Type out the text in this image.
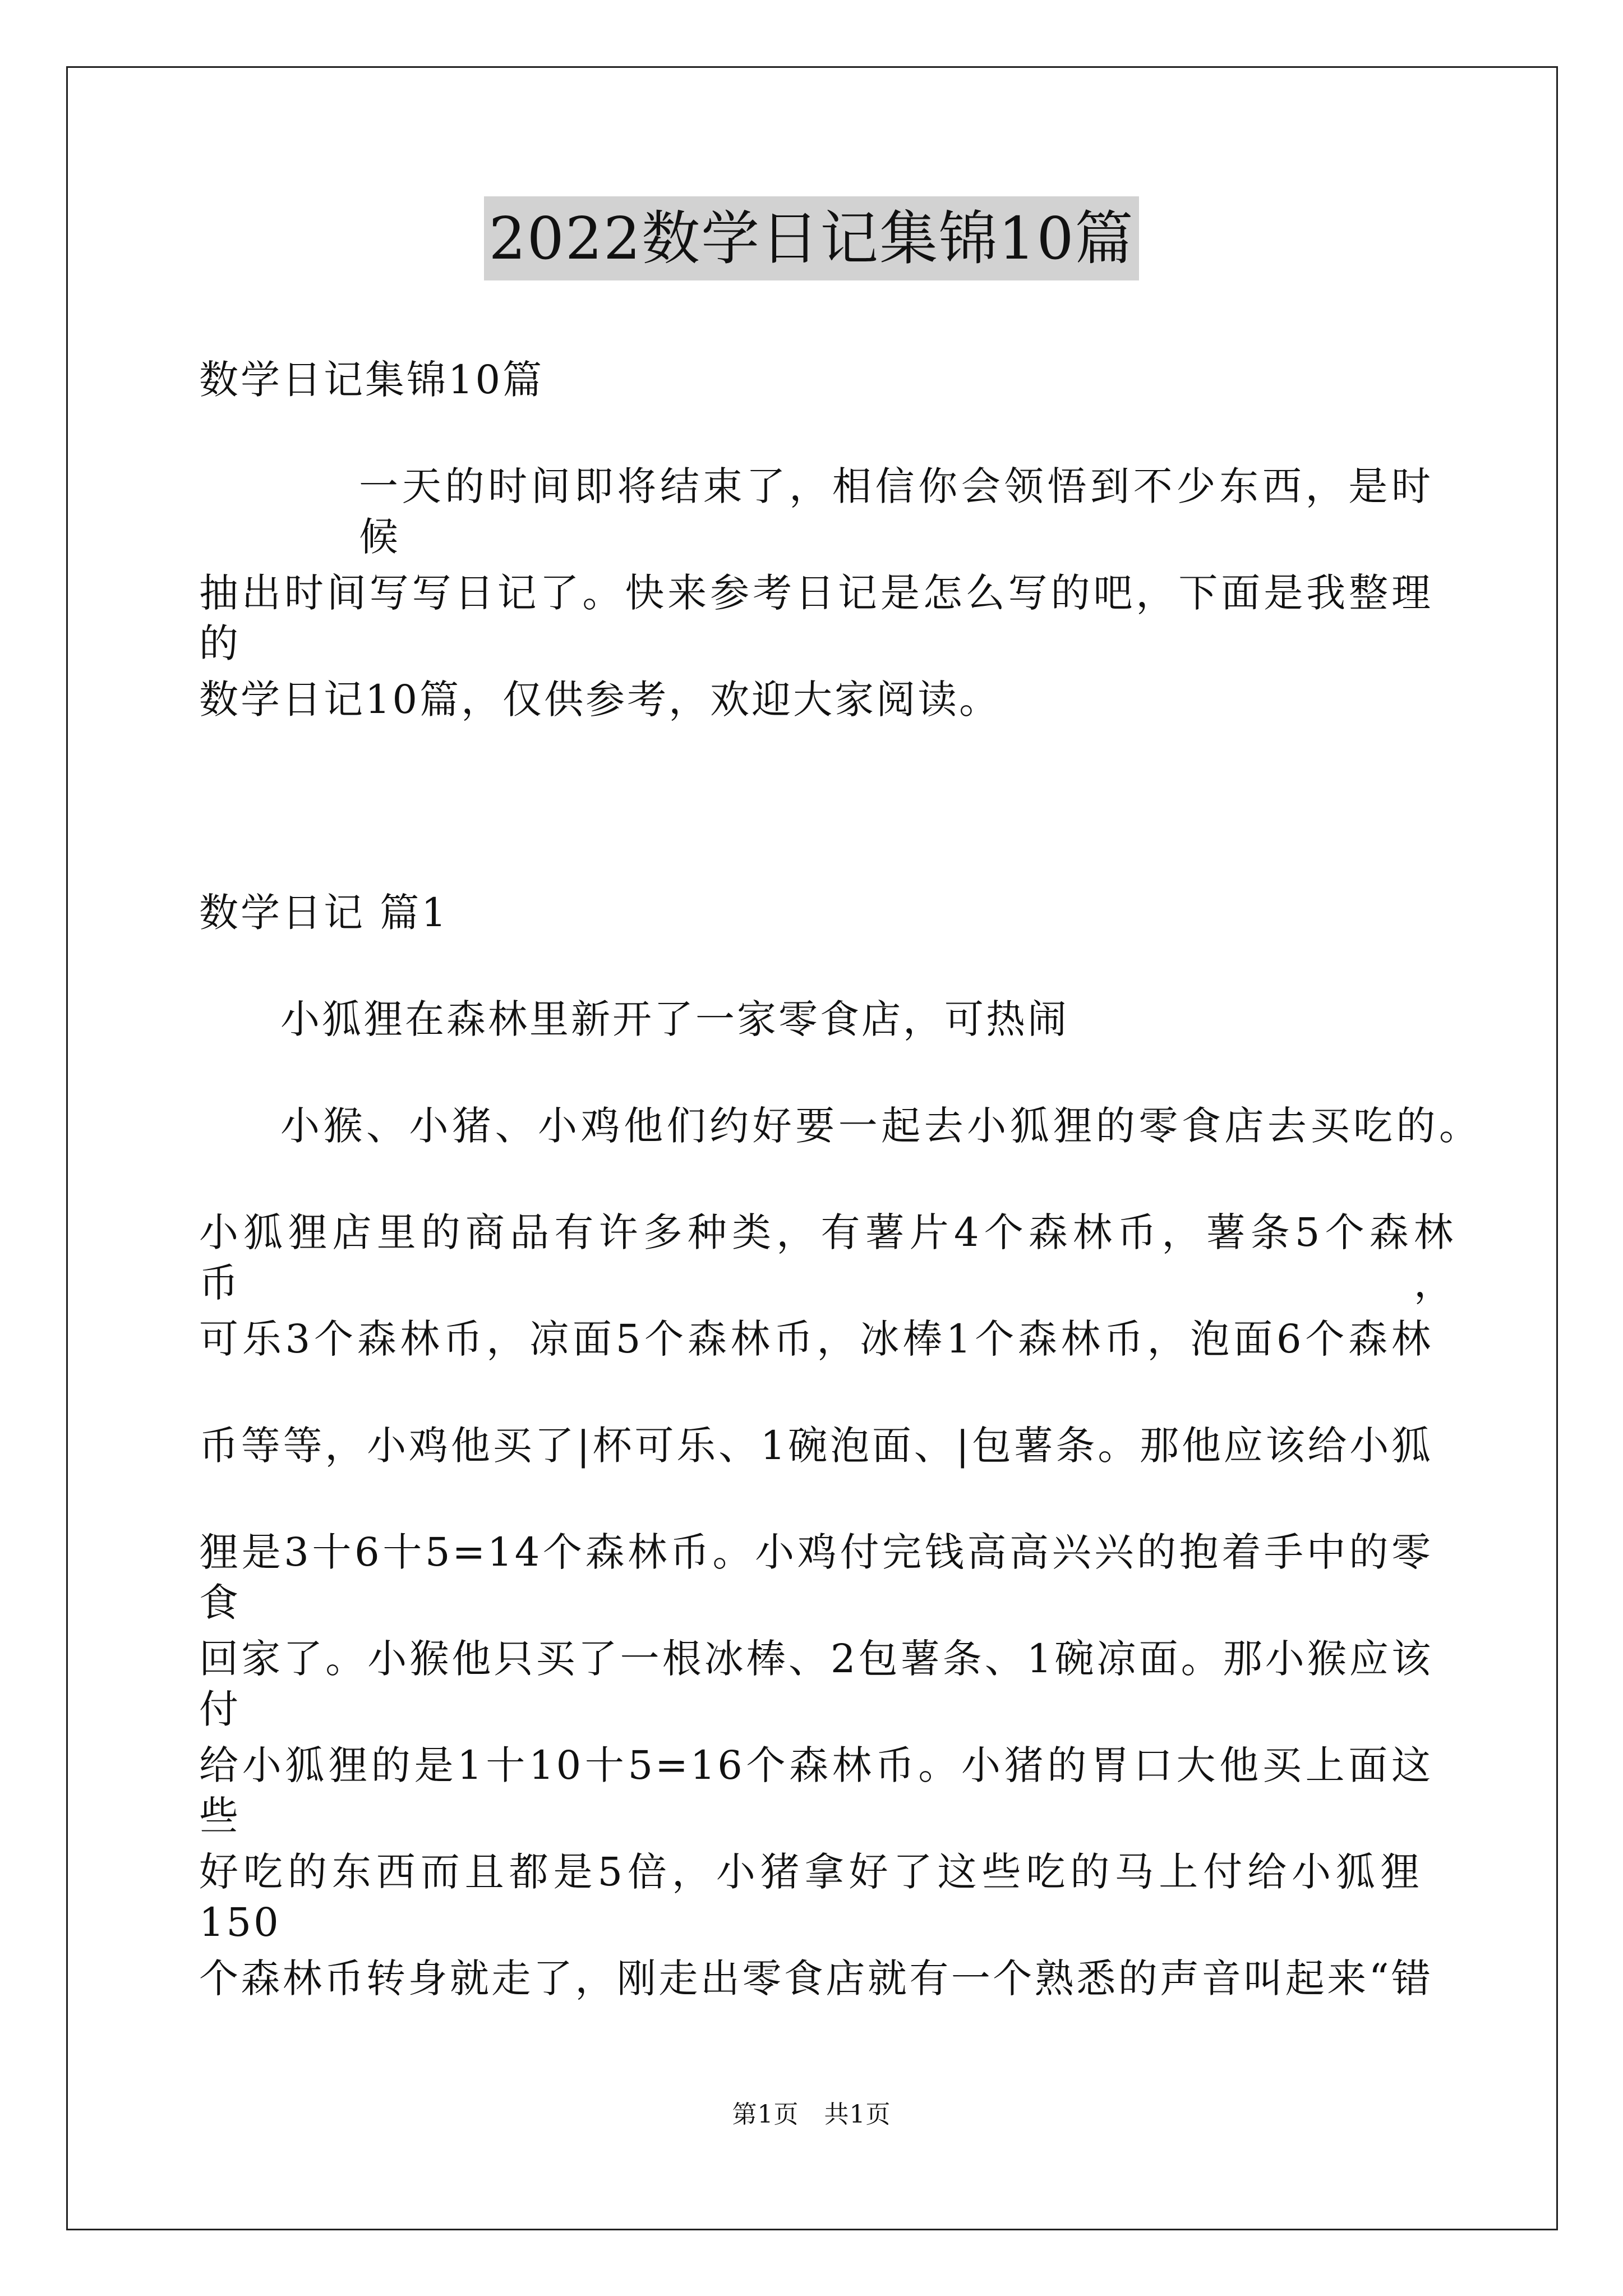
2022数学日记集锦10篇
数学日记集锦10篇
一天的时间即将结束了，相信你会领悟到不少东西，是时候
抽出时间写写日记了。快来参考日记是怎么写的吧，下面是我整理的
数学日记10篇，仅供参考，欢迎大家阅读。
数学日记 篇1
小狐狸在森林里新开了一家零食店，可热闹
小猴、小猪、小鸡他们约好要一起去小狐狸的零食店去买吃的。
小狐狸店里的商品有许多种类，有薯片4个森林币，薯条5个森林币，
可乐3个森林币，凉面5个森林币，冰棒1个森林币，泡面6个森林
币等等，小鸡他买了|杯可乐、1碗泡面、|包薯条。那他应该给小狐
狸是3十6十5=14个森林币。小鸡付完钱高高兴兴的抱着手中的零食
回家了。小猴他只买了一根冰棒、2包薯条、1碗凉面。那小猴应该付
给小狐狸的是1十10十5=16个森林币。小猪的胃口大他买上面这些
好吃的东西而且都是5倍，小猪拿好了这些吃的马上付给小狐狸150
个森林币转身就走了，刚走出零食店就有一个熟悉的声音叫起来“错
第1页　共1页
